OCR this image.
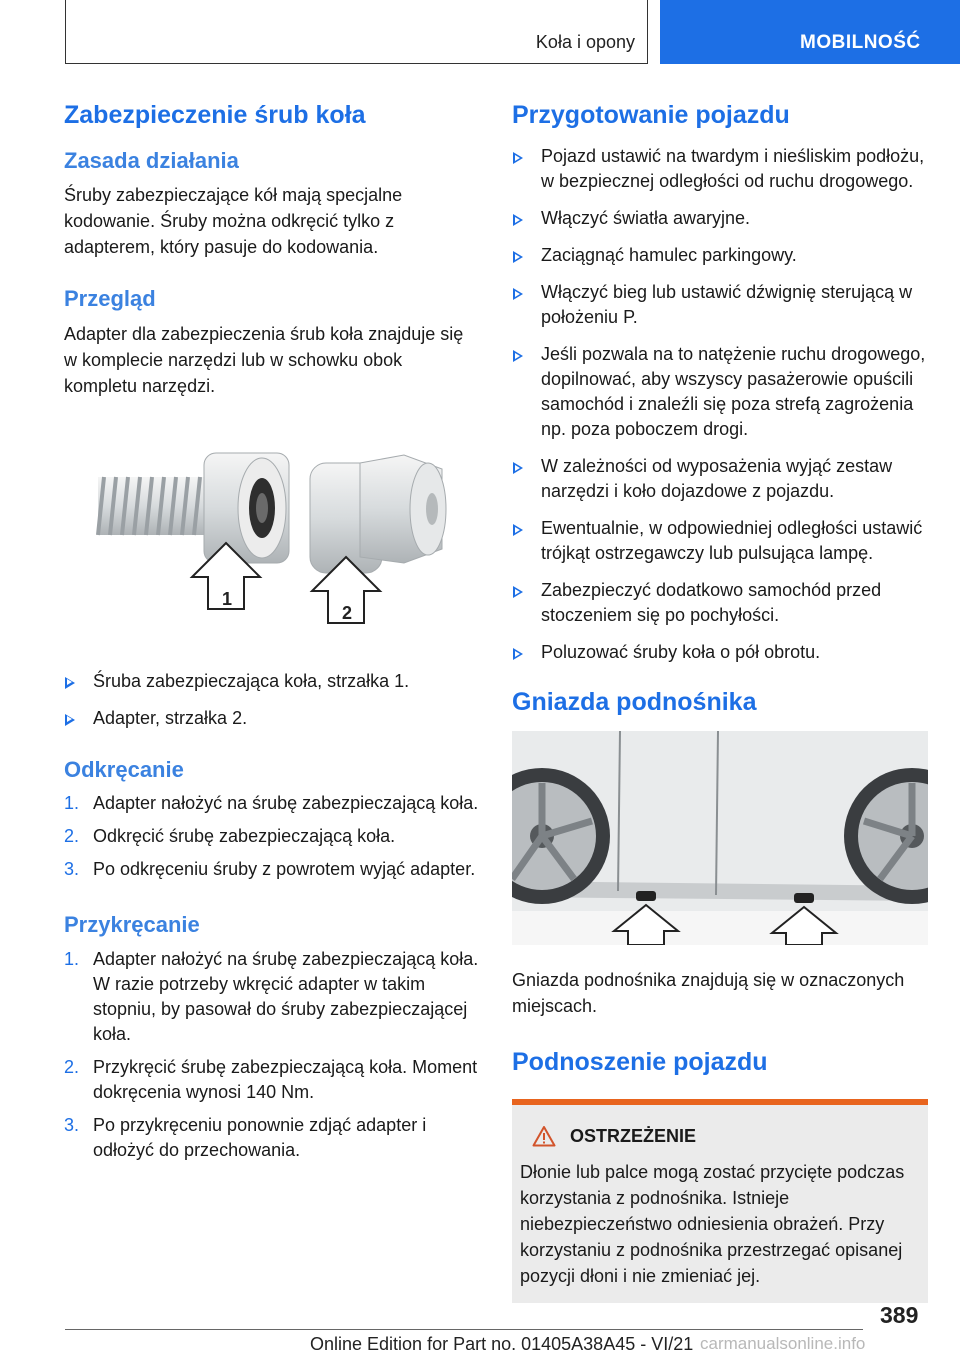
Koła i opony	MOBILNOŚĆ
Zabezpieczenie śrub koła
Zasada działania

Śruby zabezpieczające kół mają specjalne kodowanie. Śruby można odkręcić tylko z adapterem, który pasuje do kodowania.

Przegląd

Adapter dla zabezpieczenia śrub koła znajduje się w komplecie narzędzi lub w schowku obok kompletu narzędzi.

1
2
Śruba zabezpieczająca koła, strzałka 1.
Adapter, strzałka 2.
Odkręcanie
1. Adapter nałożyć na śrubę zabezpieczającą koła.
2. Odkręcić śrubę zabezpieczającą koła.
3. Po odkręceniu śruby z powrotem wyjąć adapter.
Przykręcanie
1. Adapter nałożyć na śrubę zabezpieczającą koła. W razie potrzeby wkręcić adapter w takim stopniu, by pasował do śruby zabezpieczającej koła.
2. Przykręcić śrubę zabezpieczającą koła. Moment dokręcenia wynosi 140 Nm.
3. Po przykręceniu ponownie zdjąć adapter i odłożyć do przechowania.
Przygotowanie pojazdu
Pojazd ustawić na twardym i nieśliskim podłożu, w bezpiecznej odległości od ruchu drogowego.
Włączyć światła awaryjne.
Zaciągnąć hamulec parkingowy.
Włączyć bieg lub ustawić dźwignię sterującą w położeniu P.
Jeśli pozwala na to natężenie ruchu drogowego, dopilnować, aby wszyscy pasażerowie opuścili samochód i znaleźli się poza strefą zagrożenia np. poza poboczem drogi.
W zależności od wyposażenia wyjąć zestaw narzędzi i koło dojazdowe z pojazdu.
Ewentualnie, w odpowiedniej odległości ustawić trójkąt ostrzegawczy lub pulsująca lampę.
Zabezpieczyć dodatkowo samochód przed stoczeniem się po pochyłości.
Poluzować śruby koła o pół obrotu.
Gniazda podnośnika

Gniazda podnośnika znajdują się w oznaczonych miejscach.

Podnoszenie pojazdu
OSTRZEŻENIE

Dłonie lub palce mogą zostać przycięte podczas korzystania z podnośnika. Istnieje niebezpieczeństwo odniesienia obrażeń. Przy korzystaniu z podnośnika przestrzegać opisanej pozycji dłoni i nie zmieniać jej.

389
Online Edition for Part no. 01405A38A45 - VI/21 carmanualsonline.info
